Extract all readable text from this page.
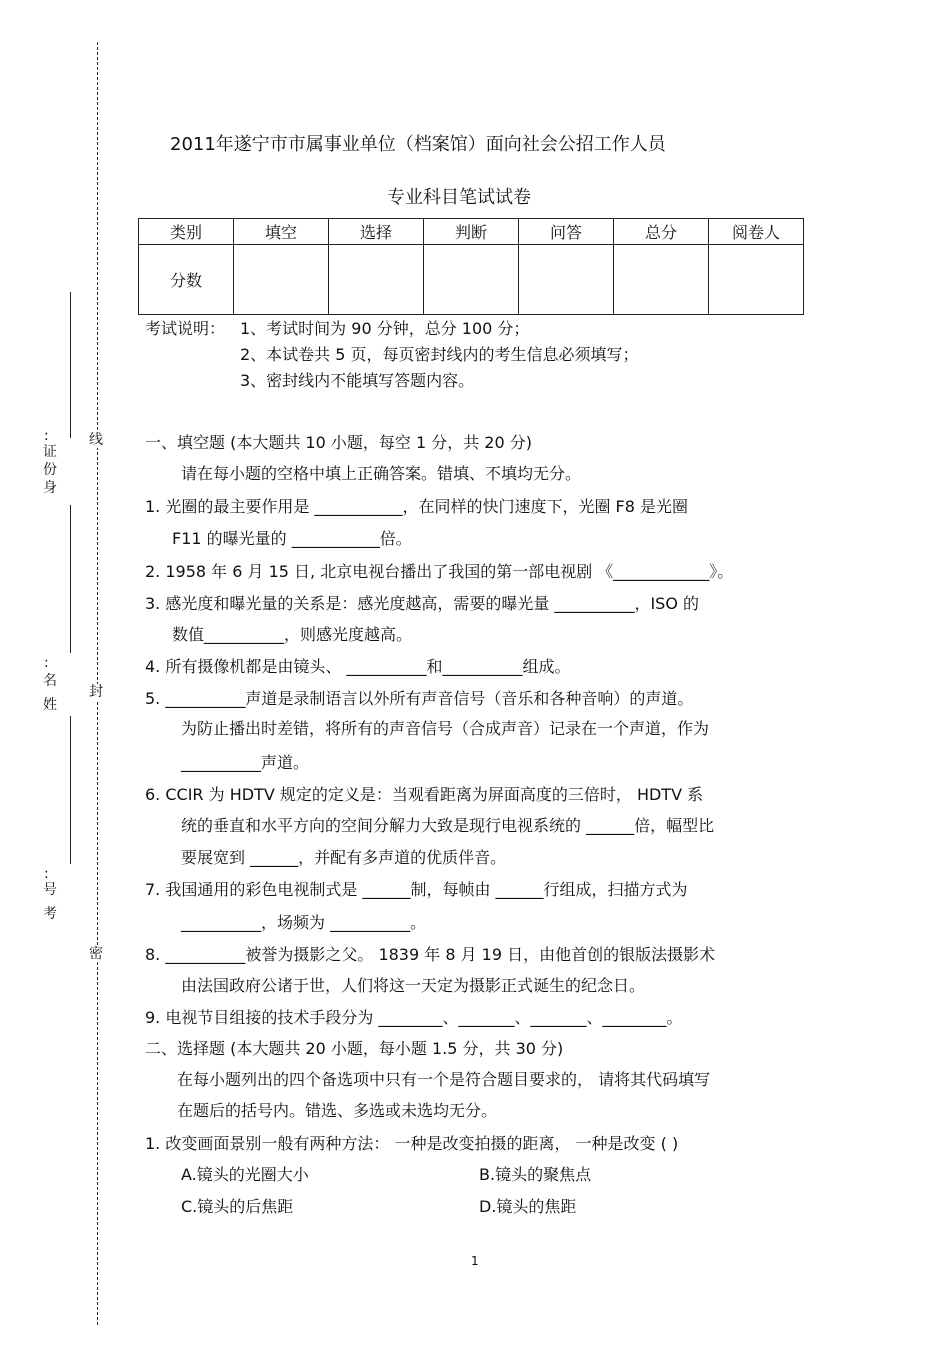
线
封
密
:
证
份
身
:
名
姓
:
号
考
2011年遂宁市市属事业单位（档案馆）面向社会公招工作人员
专业科目笔试试卷
类别	填空	选择	判断	问答	总分	阅卷人
分数						
考试说明： 1、考试时间为 90 分钟，总分 100 分；
2、本试卷共 5 页，每页密封线内的考生信息必须填写；
3、密封线内不能填写答题内容。
一、填空题 (本大题共 10 小题，每空 1 分，共 20 分)
请在每小题的空格中填上正确答案。错填、不填均无分。
1. 光圈的最主要作用是 ___________，在同样的快门速度下，光圈 F8 是光圈
F11 的曝光量的 ___________倍。
2. 1958 年 6 月 15 日, 北京电视台播出了我国的第一部电视剧 《____________》。
3. 感光度和曝光量的关系是：感光度越高，需要的曝光量 __________，ISO 的
数值__________，则感光度越高。
4. 所有摄像机都是由镜头、 __________和__________组成。
5. __________声道是录制语言以外所有声音信号（音乐和各种音响）的声道。
为防止播出时差错，将所有的声音信号（合成声音）记录在一个声道，作为
__________声道。
6. CCIR 为 HDTV 规定的定义是：当观看距离为屏面高度的三倍时， HDTV 系
统的垂直和水平方向的空间分解力大致是现行电视系统的 ______倍，幅型比
要展宽到 ______，并配有多声道的优质伴音。
7. 我国通用的彩色电视制式是 ______制，每帧由 ______行组成，扫描方式为
__________，场频为 __________。
8. __________被誉为摄影之父。 1839 年 8 月 19 日，由他首创的银版法摄影术
由法国政府公诸于世，人们将这一天定为摄影正式诞生的纪念日。
9. 电视节目组接的技术手段分为 ________、_______、_______、________。
二、选择题 (本大题共 20 小题，每小题 1.5 分，共 30 分)
在每小题列出的四个备选项中只有一个是符合题目要求的， 请将其代码填写
在题后的括号内。错选、多选或未选均无分。
1. 改变画面景别一般有两种方法： 一种是改变拍摄的距离， 一种是改变 ( )
A.镜头的光圈大小	B.镜头的聚焦点
C.镜头的后焦距	D.镜头的焦距
1
